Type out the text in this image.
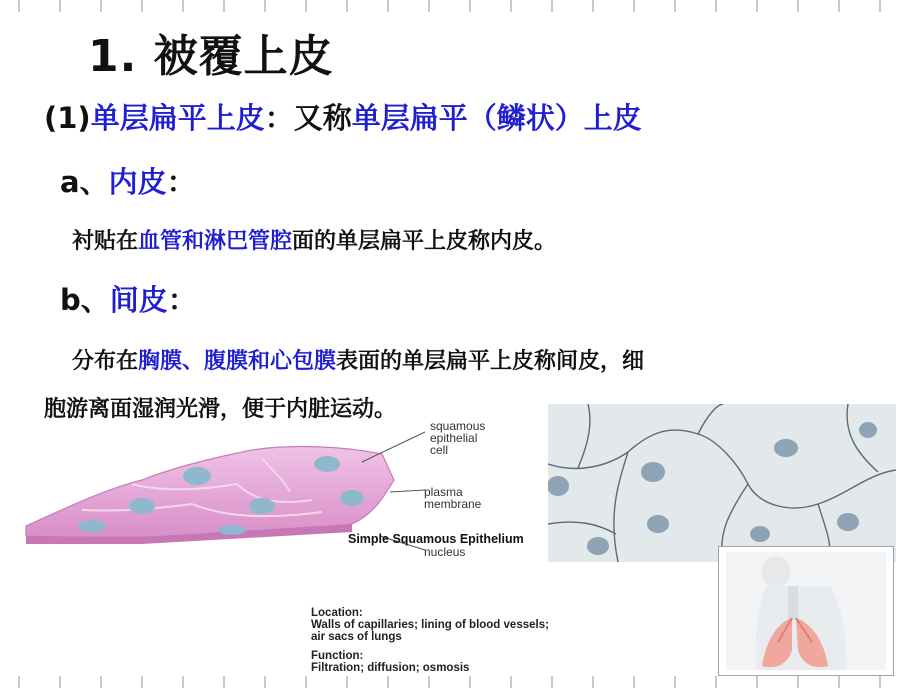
1. 被覆上皮
(1)单层扁平上皮：又称单层扁平（鳞状）上皮
a、内皮：
衬贴在血管和淋巴管腔面的单层扁平上皮称内皮。
b、间皮：
分布在胸膜、腹膜和心包膜表面的单层扁平上皮称间皮，细
胞游离面湿润光滑，便于内脏运动。
squamous
epithelial
cell
plasma
membrane
Simple Squamous Epithelium
nucleus
Location:
Walls of capillaries; lining of blood vessels;
air sacs of lungs
Function:
Filtration; diffusion; osmosis
